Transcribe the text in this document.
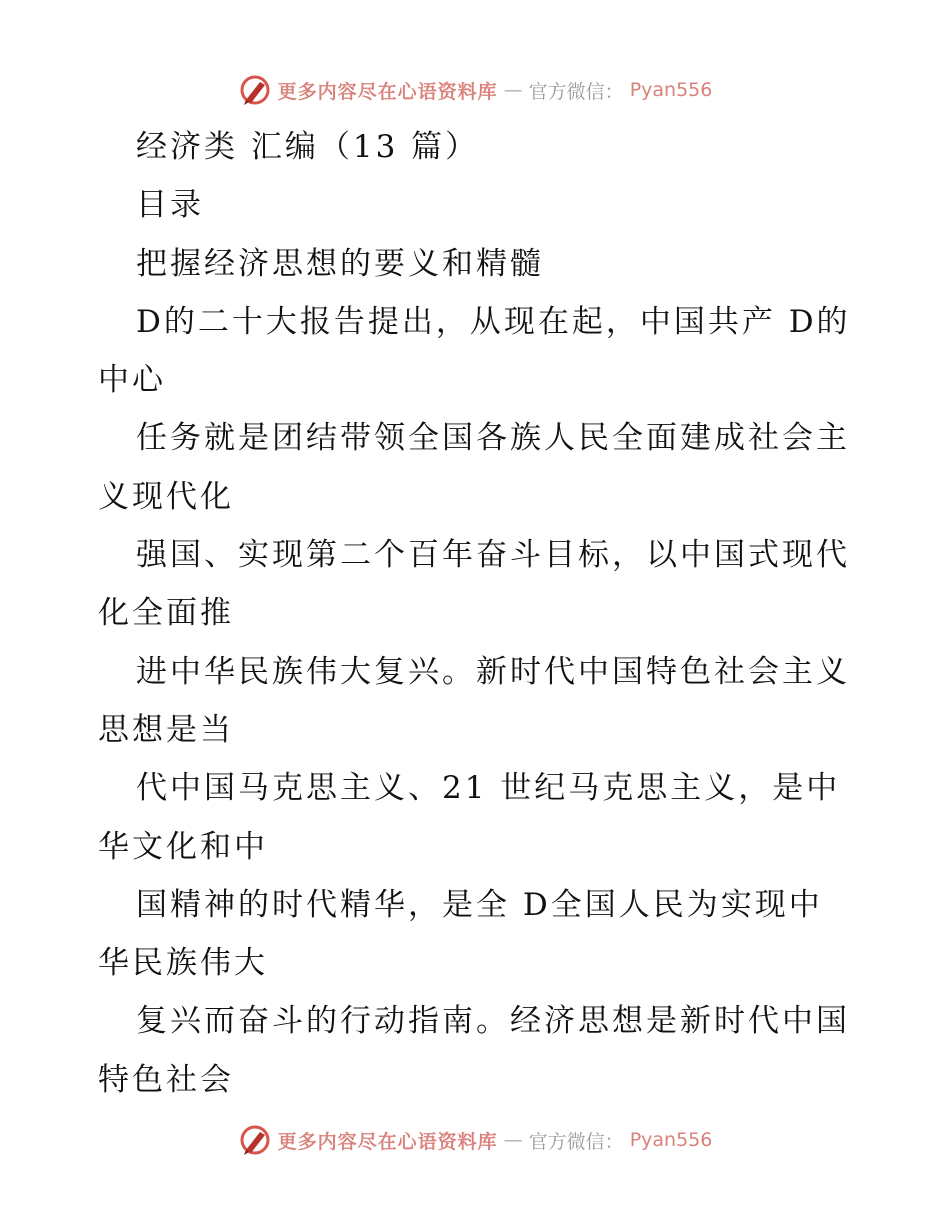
更多内容尽在心语资料库 — 官方微信： Pyan556
经济类 汇编（13 篇）
目录
把握经济思想的要义和精髓
D的二十大报告提出，从现在起，中国共产 D的
中心
任务就是团结带领全国各族人民全面建成社会主
义现代化
强国、实现第二个百年奋斗目标，以中国式现代
化全面推
进中华民族伟大复兴。新时代中国特色社会主义
思想是当
代中国马克思主义、21 世纪马克思主义，是中
华文化和中
国精神的时代精华，是全 D全国人民为实现中
华民族伟大
复兴而奋斗的行动指南。经济思想是新时代中国
特色社会
更多内容尽在心语资料库 — 官方微信： Pyan556
